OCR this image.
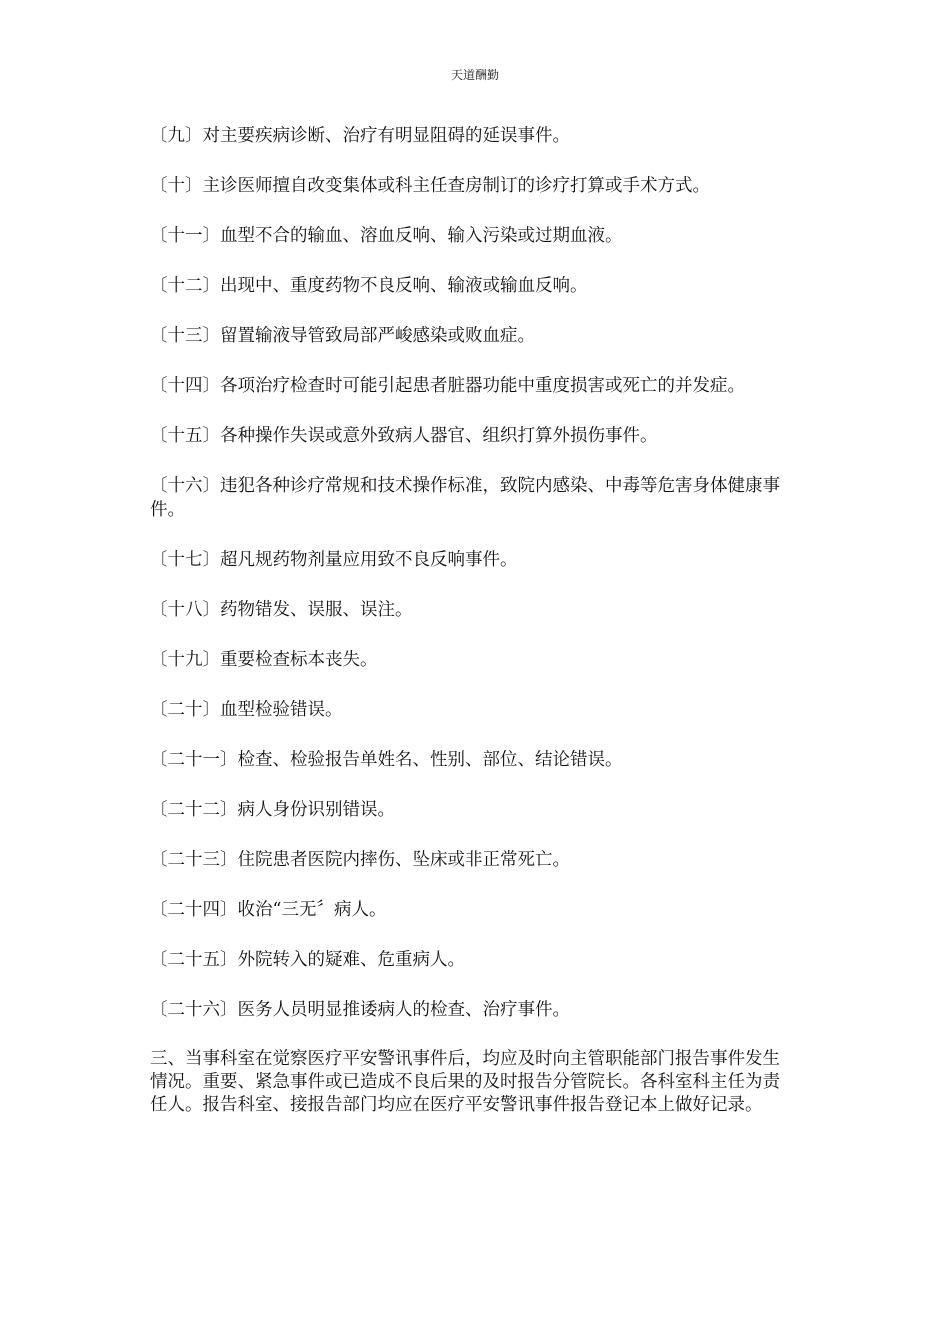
天道酬勤

〔九〕对主要疾病诊断、治疗有明显阻碍的延误事件。

〔十〕主诊医师擅自改变集体或科主任查房制订的诊疗打算或手术方式。

〔十一〕血型不合的输血、溶血反响、输入污染或过期血液。

〔十二〕出现中、重度药物不良反响、输液或输血反响。

〔十三〕留置输液导管致局部严峻感染或败血症。

〔十四〕各项治疗检查时可能引起患者脏器功能中重度损害或死亡的并发症。

〔十五〕各种操作失误或意外致病人器官、组织打算外损伤事件。

〔十六〕违犯各种诊疗常规和技术操作标准，致院内感染、中毒等危害身体健康事件。

〔十七〕超凡规药物剂量应用致不良反响事件。

〔十八〕药物错发、误服、误注。

〔十九〕重要检查标本丧失。

〔二十〕血型检验错误。

〔二十一〕检查、检验报告单姓名、性别、部位、结论错误。

〔二十二〕病人身份识别错误。

〔二十三〕住院患者医院内摔伤、坠床或非正常死亡。

〔二十四〕收治“三无〞病人。

〔二十五〕外院转入的疑难、危重病人。

〔二十六〕医务人员明显推诿病人的检查、治疗事件。

三、当事科室在觉察医疗平安警讯事件后，均应及时向主管职能部门报告事件发生情况。重要、紧急事件或已造成不良后果的及时报告分管院长。各科室科主任为责任人。报告科室、接报告部门均应在医疗平安警讯事件报告登记本上做好记录。
